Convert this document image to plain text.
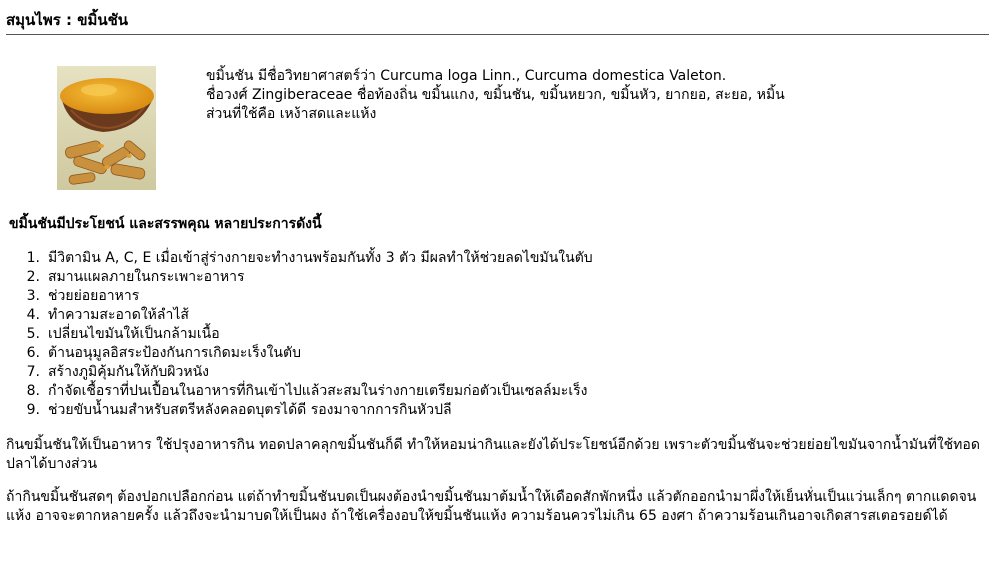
สมุนไพร : ขมิ้นชัน
ขมิ้นชัน มีชื่อวิทยาศาสตร์ว่า Curcuma loga Linn., Curcuma domestica Valeton.
ชื่อวงศ์ Zingiberaceae ชื่อท้องถิ่น ขมิ้นแกง, ขมิ้นชัน, ขมิ้นหยวก, ขมิ้นหัว, ยากยอ, สะยอ, หมิ้น
ส่วนที่ใช้คือ เหง้าสดและแห้ง
ขมิ้นชันมีประโยชน์ และสรรพคุณ หลายประการดังนี้
1. มีวิตามิน A, C, E เมื่อเข้าสู่ร่างกายจะทำงานพร้อมกันทั้ง 3 ตัว มีผลทำให้ช่วยลดไขมันในตับ
2. สมานแผลภายในกระเพาะอาหาร
3. ช่วยย่อยอาหาร
4. ทำความสะอาดให้ลำไส้
5. เปลี่ยนไขมันให้เป็นกล้ามเนื้อ
6. ต้านอนุมูลอิสระป้องกันการเกิดมะเร็งในตับ
7. สร้างภูมิคุ้มกันให้กับผิวหนัง
8. กำจัดเชื้อราที่ปนเปื้อนในอาหารที่กินเข้าไปแล้วสะสมในร่างกายเตรียมก่อตัวเป็นเซลล์มะเร็ง
9. ช่วยขับน้ำนมสำหรับสตรีหลังคลอดบุตรได้ดี รองมาจากการกินหัวปลี
กินขมิ้นชันให้เป็นอาหาร ใช้ปรุงอาหารกิน ทอดปลาคลุกขมิ้นชันก็ดี ทำให้หอมน่ากินและยังได้ประโยชน์อีกด้วย เพราะตัวขมิ้นชันจะช่วยย่อยไขมันจากน้ำมันที่ใช้ทอดปลาได้บางส่วน
ถ้ากินขมิ้นชันสดๆ ต้องปอกเปลือกก่อน แต่ถ้าทำขมิ้นชันบดเป็นผงต้องนำขมิ้นชันมาต้มน้ำให้เดือดสักพักหนึ่ง แล้วตักออกนำมาผึ่งให้เย็นหั่นเป็นแว่นเล็กๆ ตากแดดจนแห้ง อาจจะตากหลายครั้ง แล้วถึงจะนำมาบดให้เป็นผง ถ้าใช้เครื่องอบให้ขมิ้นชันแห้ง ความร้อนควรไม่เกิน 65 องศา ถ้าความร้อนเกินอาจเกิดสารสเตอรอยด์ได้
